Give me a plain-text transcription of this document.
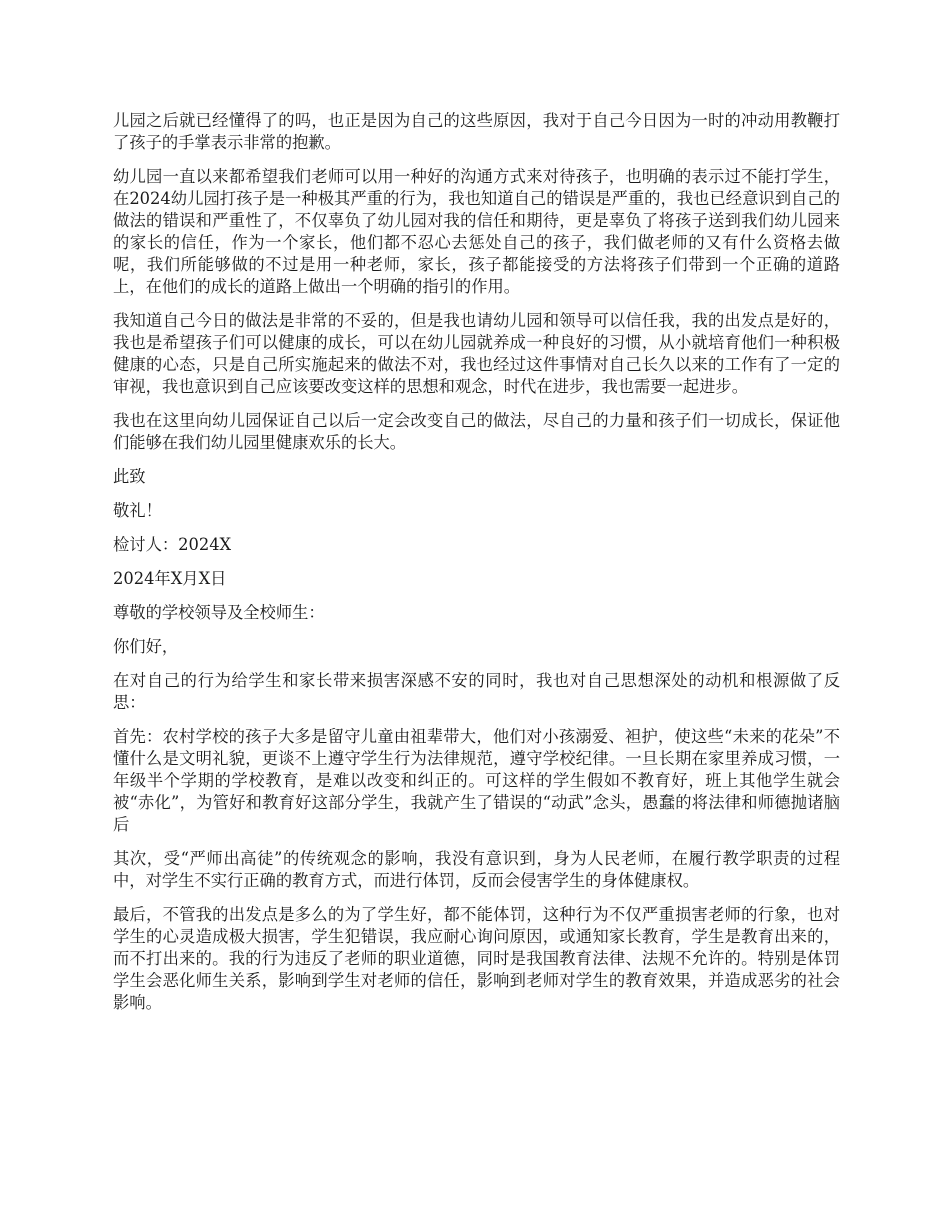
儿园之后就已经懂得了的吗，也正是因为自己的这些原因，我对于自己今日因为一时的冲动用教鞭打了孩子的手掌表示非常的抱歉。

幼儿园一直以来都希望我们老师可以用一种好的沟通方式来对待孩子，也明确的表示过不能打学生，在2024幼儿园打孩子是一种极其严重的行为，我也知道自己的错误是严重的，我也已经意识到自己的做法的错误和严重性了，不仅辜负了幼儿园对我的信任和期待，更是辜负了将孩子送到我们幼儿园来的家长的信任，作为一个家长，他们都不忍心去惩处自己的孩子，我们做老师的又有什么资格去做呢，我们所能够做的不过是用一种老师，家长，孩子都能接受的方法将孩子们带到一个正确的道路上，在他们的成长的道路上做出一个明确的指引的作用。

我知道自己今日的做法是非常的不妥的，但是我也请幼儿园和领导可以信任我，我的出发点是好的，我也是希望孩子们可以健康的成长，可以在幼儿园就养成一种良好的习惯，从小就培育他们一种积极健康的心态，只是自己所实施起来的做法不对，我也经过这件事情对自己长久以来的工作有了一定的审视，我也意识到自己应该要改变这样的思想和观念，时代在进步，我也需要一起进步。

我也在这里向幼儿园保证自己以后一定会改变自己的做法，尽自己的力量和孩子们一切成长，保证他们能够在我们幼儿园里健康欢乐的长大。

此致

敬礼！

检讨人：2024X

2024年X月X日

尊敬的学校领导及全校师生：

你们好，

在对自己的行为给学生和家长带来损害深感不安的同时，我也对自己思想深处的动机和根源做了反思：

首先：农村学校的孩子大多是留守儿童由祖辈带大，他们对小孩溺爱、袒护，使这些“未来的花朵”不懂什么是文明礼貌，更谈不上遵守学生行为法律规范，遵守学校纪律。一旦长期在家里养成习惯，一年级半个学期的学校教育，是难以改变和纠正的。可这样的学生假如不教育好，班上其他学生就会被“赤化”，为管好和教育好这部分学生，我就产生了错误的“动武”念头，愚蠢的将法律和师德抛诸脑后

其次，受“严师出高徒”的传统观念的影响，我没有意识到，身为人民老师，在履行教学职责的过程中，对学生不实行正确的教育方式，而进行体罚，反而会侵害学生的身体健康权。

最后，不管我的出发点是多么的为了学生好，都不能体罚，这种行为不仅严重损害老师的行象，也对学生的心灵造成极大损害，学生犯错误，我应耐心询问原因，或通知家长教育，学生是教育出来的，而不打出来的。我的行为违反了老师的职业道德，同时是我国教育法律、法规不允许的。特别是体罚学生会恶化师生关系，影响到学生对老师的信任，影响到老师对学生的教育效果，并造成恶劣的社会影响。
